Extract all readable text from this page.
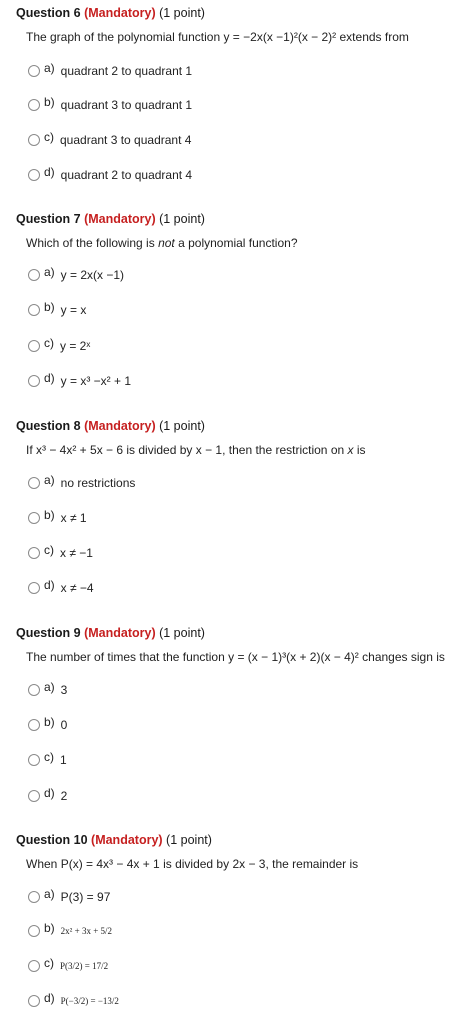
Question 6 (Mandatory) (1 point)
The graph of the polynomial function y = −2x(x −1)²(x − 2)² extends from
a) quadrant 2 to quadrant 1
b) quadrant 3 to quadrant 1
c) quadrant 3 to quadrant 4
d) quadrant 2 to quadrant 4
Question 7 (Mandatory) (1 point)
Which of the following is not a polynomial function?
a) y = 2x(x −1)
b) y = x
c) y = 2ˣ
d) y = x³ −x² + 1
Question 8 (Mandatory) (1 point)
If x³ − 4x² + 5x − 6 is divided by x − 1, then the restriction on x is
a) no restrictions
b) x ≠ 1
c) x ≠ −1
d) x ≠ −4
Question 9 (Mandatory) (1 point)
The number of times that the function y = (x − 1)³(x + 2)(x − 4)² changes sign is
a) 3
b) 0
c) 1
d) 2
Question 10 (Mandatory) (1 point)
When P(x) = 4x³ − 4x + 1 is divided by 2x − 3, the remainder is
a) P(3) = 97
b) 2x² + 3x + 5/2
c) P(3/2) = 17/2
d) P(−3/2) = −13/2
